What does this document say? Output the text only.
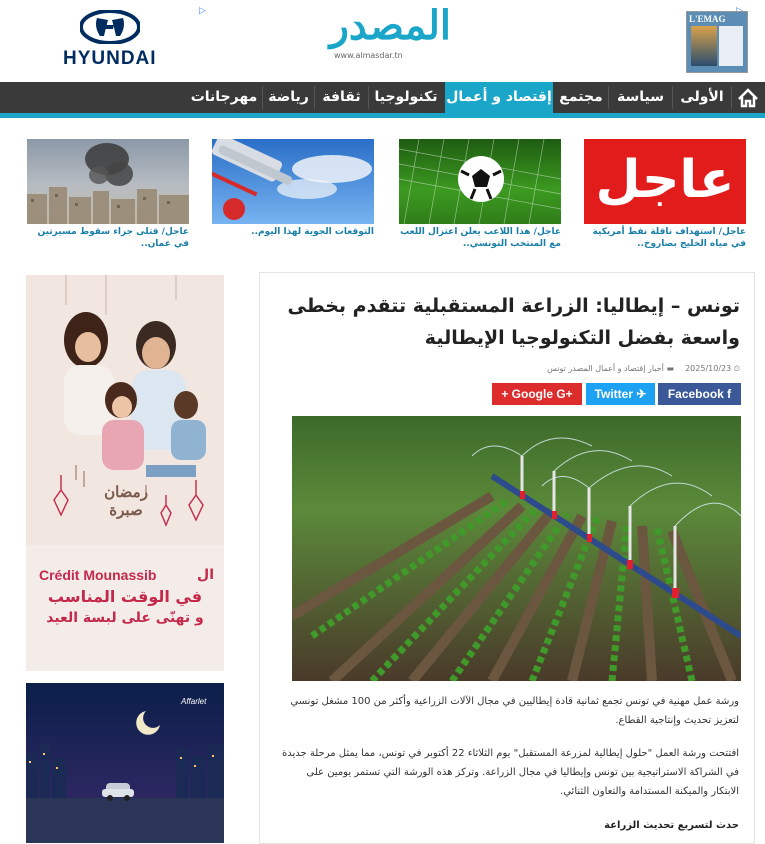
HYUNDAI
▷	المصدر
www.almasdar.tn
L'EMAG
الأولى
سياسة
مجتمع
إقتصاد و أعمال
تكنولوجيا
ثقافة
رياضة
مهرجانات
عاجل
عاجل/ استهداف ناقلة نفط أمريكية في مياه الخليج بصاروخ..
عاجل/ هذا اللاعب يعلن اعتزال اللعب مع المنتخب التونسي..
التوقعات الجوية لهذا اليوم..
عاجل/ قتلى جراء سقوط مسيرتين في عمان..
رمضان صبرة
Crédit Mounassib	ال
في الوقت المناسب
و تهنّى على لبسة العيد
Affarlet
تونس – إيطاليا: الزراعة المستقبلية تتقدم بخطى واسعة بفضل التكنولوجيا الإيطالية
⏲ 2025/10/23
▬ أخبار إقتصاد و أعمال المصدر تونس
Facebook f
Twitter ✈
+ Google G+

ورشة عمل مهنية في تونس تجمع ثمانية قادة إيطاليين في مجال الآلات الزراعية وأكثر من 100 مشغل تونسي لتعزيز تحديث وإنتاجية القطاع.

افتتحت ورشة العمل "حلول إيطالية لمزرعة المستقبل" يوم الثلاثاء 22 أكتوبر في تونس، مما يمثل مرحلة جديدة في الشراكة الاستراتيجية بين تونس وإيطاليا في مجال الزراعة. وتركز هذه الورشة التي تستمر يومين على الابتكار والميكنة المستدامة والتعاون الثنائي.

حدث لتسريع تحديث الزراعة
